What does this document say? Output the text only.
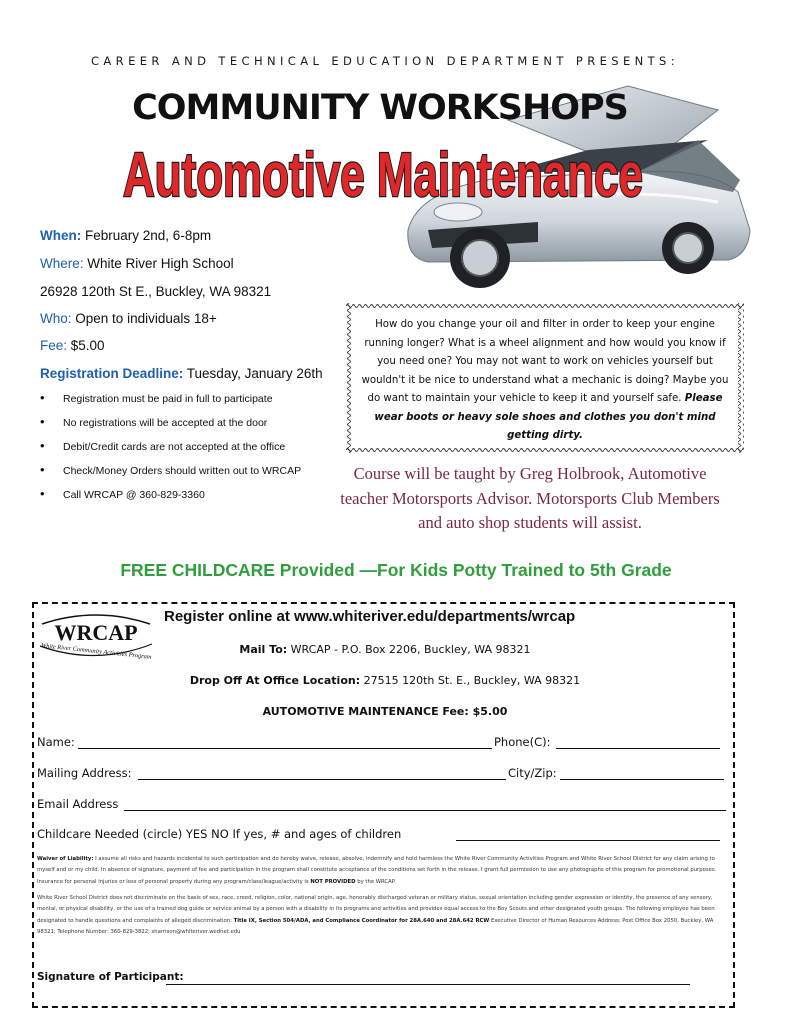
CAREER AND TECHNICAL EDUCATION DEPARTMENT PRESENTS:
COMMUNITY WORKSHOPS
Automotive Maintenance
When: February 2nd, 6-8pm
Where: White River High School
26928 120th St E., Buckley, WA 98321
Who: Open to individuals 18+
Fee: $5.00
Registration Deadline: Tuesday, January 26th
• Registration must be paid in full to participate
• No registrations will be accepted at the door
• Debit/Credit cards are not accepted at the office
• Check/Money Orders should written out to WRCAP
• Call WRCAP @ 360-829-3360
How do you change your oil and filter in order to keep your engine running longer? What is a wheel alignment and how would you know if you need one? You may not want to work on vehicles yourself but wouldn't it be nice to understand what a mechanic is doing? Maybe you do want to maintain your vehicle to keep it and yourself safe. Please wear boots or heavy sole shoes and clothes you don't mind getting dirty.
Course will be taught by Greg Holbrook, Automotive teacher Motorsports Advisor. Motorsports Club Members and auto shop students will assist.
FREE CHILDCARE Provided —For Kids Potty Trained to 5th Grade
WRCAP
White River Community Activities Program
Register online at www.whiteriver.edu/departments/wrcap
Mail To: WRCAP - P.O. Box 2206, Buckley, WA 98321
Drop Off At Office Location: 27515 120th St. E., Buckley, WA 98321
AUTOMOTIVE MAINTENANCE Fee: $5.00
Name:	Phone(C):
Mailing Address:	City/Zip:
Email Address
Childcare Needed (circle) YES NO If yes, # and ages of children
Waiver of Liability: I assume all risks and hazards incidental to such participation and do hereby waive, release, absolve, indemnify and hold harmless the White River Community Activities Program and White River School District for any claim arising to myself and or my child. In absence of signature, payment of fee and participation in the program shall constitute acceptance of the conditions set forth in the release. I grant full permission to use any photographs of this program for promotional purposes. Insurance for personal injuries or loss of personal property during any program/class/league/activity is NOT PROVIDED by the WRCAP.
White River School District does not discriminate on the basis of sex, race, creed, religion, color, national origin, age, honorably discharged veteran or military status, sexual orientation including gender expression or identity, the presence of any sensory, mental, or physical disability, or the use of a trained dog guide or service animal by a person with a disability in its programs and activities and provides equal access to the Boy Scouts and other designated youth groups. The following employee has been designated to handle questions and complaints of alleged discrimination: Title IX, Section 504/ADA, and Compliance Coordinator for 28A.640 and 28A.642 RCW Executive Director of Human Resources Address; Post Office Box 2050, Buckley, WA 98321; Telephone Number: 360-829-3822; sharrison@whiteriver.wednet.edu
Signature of Participant:
